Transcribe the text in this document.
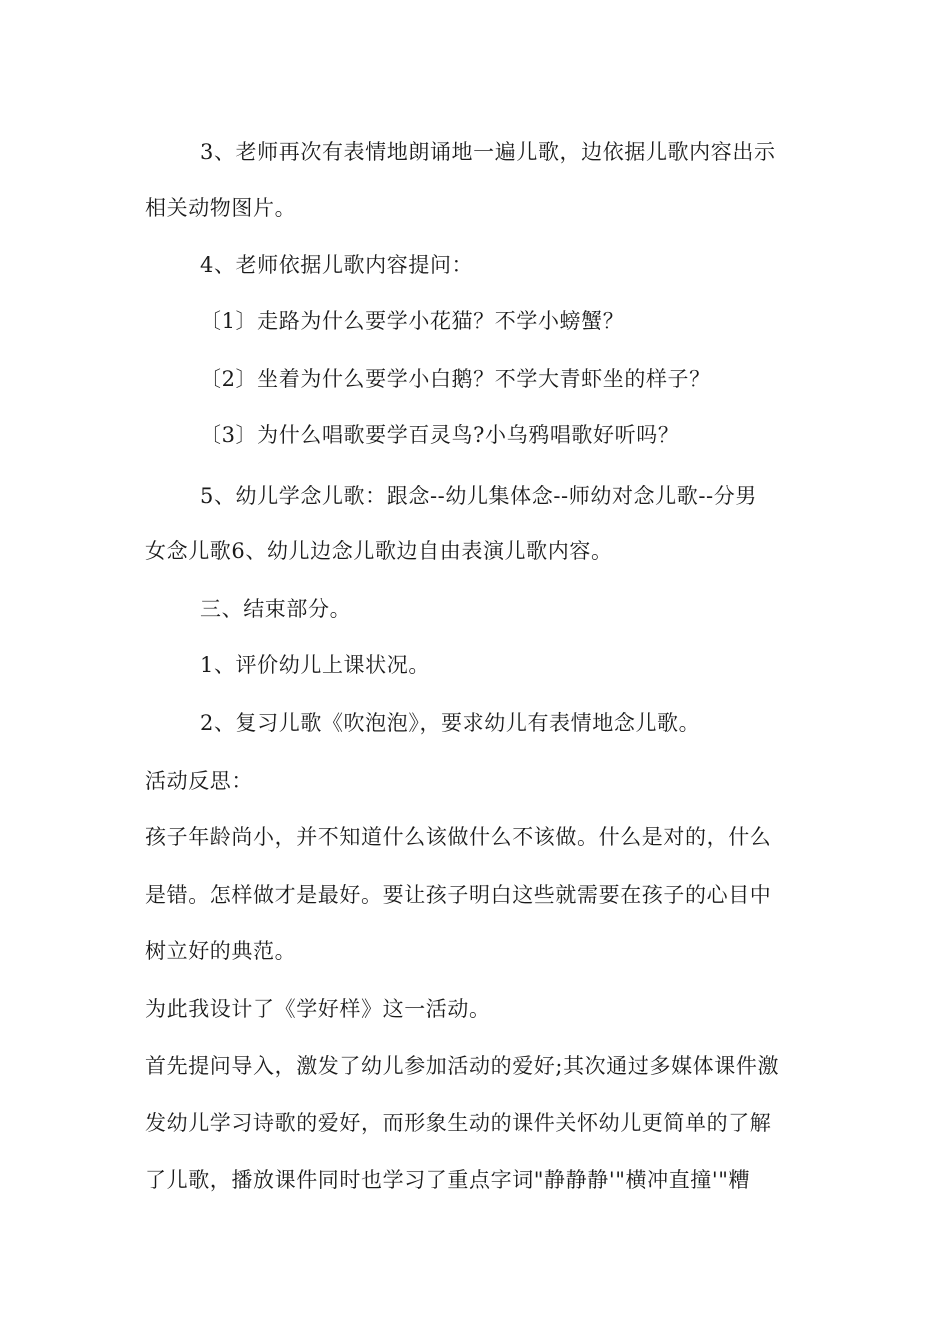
3、老师再次有表情地朗诵地一遍儿歌，边依据儿歌内容出示
相关动物图片。
4、老师依据儿歌内容提问：
〔1〕走路为什么要学小花猫？不学小螃蟹？
〔2〕坐着为什么要学小白鹅？不学大青虾坐的样子？
〔3〕为什么唱歌要学百灵鸟?小乌鸦唱歌好听吗？
5、幼儿学念儿歌：跟念--幼儿集体念--师幼对念儿歌--分男
女念儿歌6、幼儿边念儿歌边自由表演儿歌内容。
三、结束部分。
1、评价幼儿上课状况。
2、复习儿歌《吹泡泡》，要求幼儿有表情地念儿歌。
活动反思：
孩子年龄尚小，并不知道什么该做什么不该做。什么是对的，什么
是错。怎样做才是最好。要让孩子明白这些就需要在孩子的心目中
树立好的典范。
为此我设计了《学好样》这一活动。
首先提问导入，激发了幼儿参加活动的爱好;其次通过多媒体课件激
发幼儿学习诗歌的爱好，而形象生动的课件关怀幼儿更简单的了解
了儿歌，播放课件同时也学习了重点字词"静静静'"横冲直撞'"糟
